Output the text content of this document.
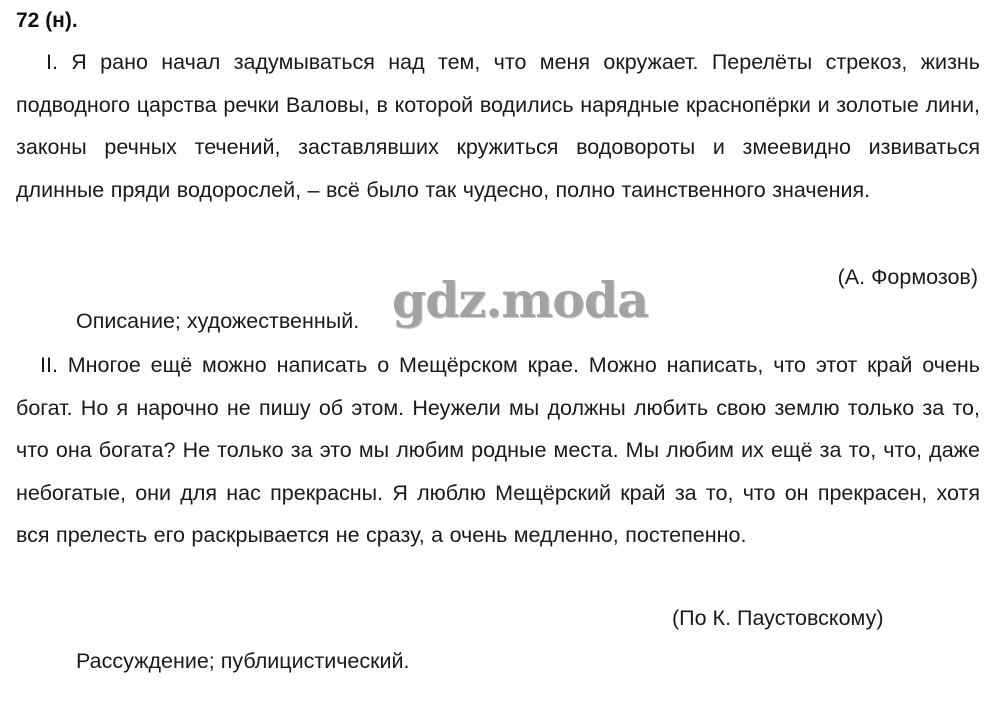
72 (н).
I. Я рано начал задумываться над тем, что меня окружает. Перелёты стрекоз, жизнь подводного царства речки Валовы, в которой водились нарядные краснопёрки и золотые лини, законы речных течений, заставлявших кружиться водовороты и змеевидно извиваться длинные пряди водорослей, – всё было так чудесно, полно таинственного значения.
(А. Формозов)
Описание; художественный. gdz.moda
II. Многое ещё можно написать о Мещёрском крае. Можно написать, что этот край очень богат. Но я нарочно не пишу об этом. Неужели мы должны любить свою землю только за то, что она богата? Не только за это мы любим родные места. Мы любим их ещё за то, что, даже небогатые, они для нас прекрасны. Я люблю Мещёрский край за то, что он прекрасен, хотя вся прелесть его раскрывается не сразу, а очень медленно, постепенно.
(По К. Паустовскому)
Рассуждение; публицистический.
